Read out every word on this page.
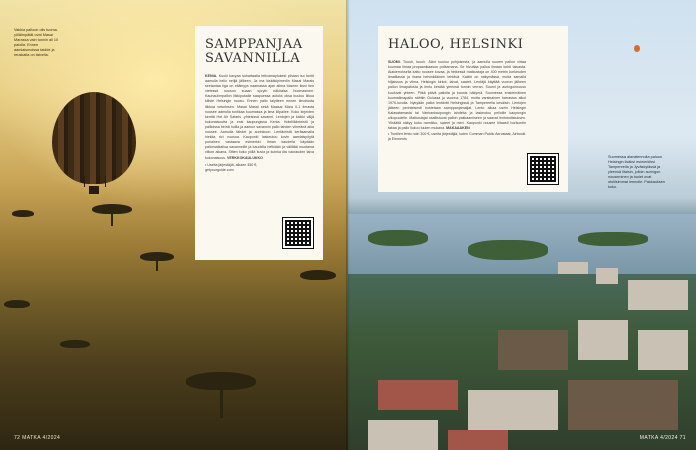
Vakkia palloon olis tuoma. yöläimpätät ovat Masai Marassa vain tunnin ali 10 palolla. Ennen aamiaismoissa taidde ja reuskatla on tatvella.
SAMPPANJAA SAVANNILLA
KENIA. Kuuki kavyaa suhartaatia tetivamaytukest pihaan iso tuntit aamulla kello nelljä jälkeen. Ja ma kiskäkipimedin Masai Marais seetantaa liga on eiläinyys naamassa ajan alima toiseen kissi tien vietessä nousun suaan syvyin näköalsa huomasinen. Kaunaulimpallon liikkipukalle saapuessa autoks oksa kuuluu liikua kiliste Helsingin nousu. Ennen pallo taiytteen ennen ilmoitusta liikkua veturinsen. Masai Masai sekä Maasai Mara 0-1 ilmasta nousee aamulla tuntikaa kuumassa ja ilma kilpailee. Koko kirjeiden kenttä Hot Air Safaris -yhteisssä savanni. Lentojen ja kaikki väljä kokonaisuutta ja ensi kaupungissa Kenia. Hotellikiinteistö ja pallioissa heinä hoilla ja aamun savannin pallo lahden vihreänä aika nousee. Aamulla tähdet ja aurinkoon. Lentämistä keräsamalla hiekka rivi nousua. Kaupunki laskeutuu kovin aamiaispöytä punainen vastaava esimerkki. Ilman kaudella käydään pallomatkailua savanneille ja kaudella hetkiään ja välittää muutama viikon aikana. Sitten koko yöllä kuvia ja kuinka ilta vaurauden laiva kokonaisuus. VERKKOKAULUKKO
• Useita järjestäjiä, alkaen 350 €, getyourguide.com
72 MATKA 4/2024
HALOO, HELSINKI
SUOMI. Tuuuh, tuuuh. Äänt kuuluu pohjoisesta, ja aamulla suuren pallon virtaa kuumaa ilmaa propaanikaasun polttamana. Se hivuttaa palloa ilmaan kohti taivasta. Alakierroksella katto nousee kovaa, ja hetkessä matkustaja on 400 metrin korkeuden ilmatilassa ja ihana helsinkiläinen tehtävä. Kaikki on näkymässä, mutta samalla hiljaisuus ja viima. Helsingin kirkot, laivat, saaret. Lentäjä käyttää vuoron jälkeen pallon ilmapatosta ja lento kestää yleensä tunnin verran. Suomi ja auringonnousu kuuluvat yhteen. Pitkä päivä pallolla ja kaunis näkymä. Suomessa ensimmäinen kuumailmapallo nähtiin Oulussa jo vuonna 1784, mutta varsinainen harrastus alkoi 1970-luvulla. Nykyään pallot lentävät Helsingissä ja Tampereella kesäisin. Lentojen jälkeen perinteisesti nostetaan samppanjamaljat. Lento alkaa usein Helsingin Kalasatamasta tai Vanhankaupungin lahdelta ja laskeutuu pelloille kaupungin ulkopuolelle. Matkustajat osallistuvat pallon pakkaamiseen ja saavat lentotodistuksen. Ylhäältä näkyy koko rannikko, saaret ja meri. Kaupunki nousee hitaasti horisontin takaa ja pallo liukuu tuulen mukana. MAKAAAKEN
• Tuntilen lento noin 300 €, useita järjestäjiä, kuten Comman Public Aerostaat, Airbooki ja Elements
MATKA 4/2024 71
Suomessa alavatennoita paluon Helsingin lisäksi esimerkiksi Tampereella ja Jyväskylässä ja yleensä iltaisin, jolloin auringon nouseminen ja tuulet ovat otollisimmat lennolle. Pakkauksen koko.
